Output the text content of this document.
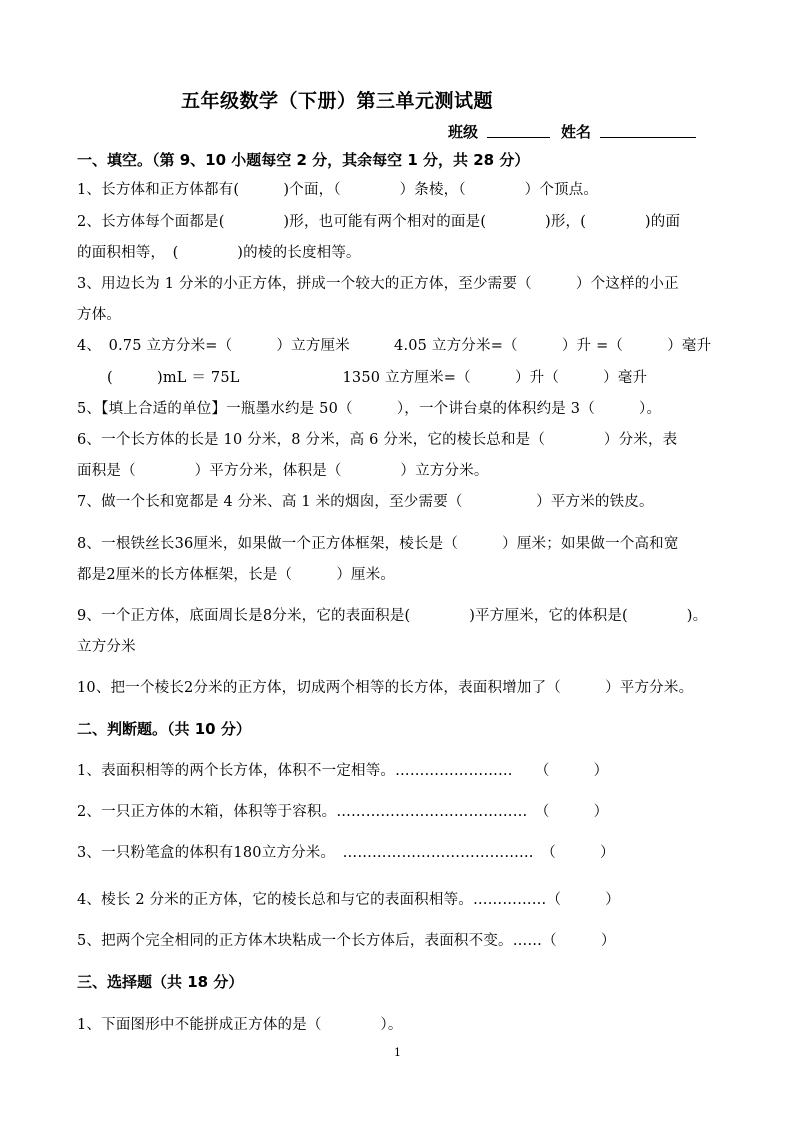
五年级数学（下册）第三单元测试题
班级	姓名
一、填空。（第 9、10 小题每空 2 分，其余每空 1 分，共 28 分）
1、长方体和正方体都有(　　　)个面，（　　　　）条棱，（　　　　）个顶点。
2、长方体每个面都是(　　　　)形，也可能有两个相对的面是(　　　　)形，(　　　　)的面
的面积相等，　(　　　　)的棱的长度相等。
3、用边长为 1 分米的小正方体，拼成一个较大的正方体，至少需要（　　　）个这样的小正
方体。
4、　0.75 立方分米=（　　　）立方厘米　　　4.05 立方分米=（　　　）升 =（　　　）毫升
(　　　)mL ＝ 75L　　　　　　　1350 立方厘米=（　　　）升（　　　）毫升
5、【填上合适的单位】一瓶墨水约是 50（　　　），一个讲台桌的体积约是 3（　　　）。
6、一个长方体的长是 10 分米，8 分米，高 6 分米，它的棱长总和是（　　　　）分米，表
面积是（　　　　）平方分米，体积是（　　　　）立方分米。
7、做一个长和宽都是 4 分米、高 1 米的烟囱，至少需要（　　　　　）平方米的铁皮。
8、一根铁丝长36厘米，如果做一个正方体框架，棱长是（　　　）厘米；如果做一个高和宽
都是2厘米的长方体框架，长是（　　　）厘米。
9、一个正方体，底面周长是8分米，它的表面积是(　　　　)平方厘米，它的体积是(　　　　)。
立方分米
10、把一个棱长2分米的正方体，切成两个相等的长方体，表面积增加了（　　　）平方分米。
二、判断题。（共 10 分）
1、表面积相等的两个长方体，体积不一定相等。……………………　　（　　　）
2、一只正方体的木箱，体积等于容积。…………………………………　（　　　）
3、一只粉笔盒的体积有180立方分米。　…………………………………　（　　　）
4、棱长 2 分米的正方体，它的棱长总和与它的表面积相等。……………（　　　）
5、把两个完全相同的正方体木块粘成一个长方体后，表面积不变。……（　　　）
三、选择题（共 18 分）
1、下面图形中不能拼成正方体的是（　　　　）。
1
